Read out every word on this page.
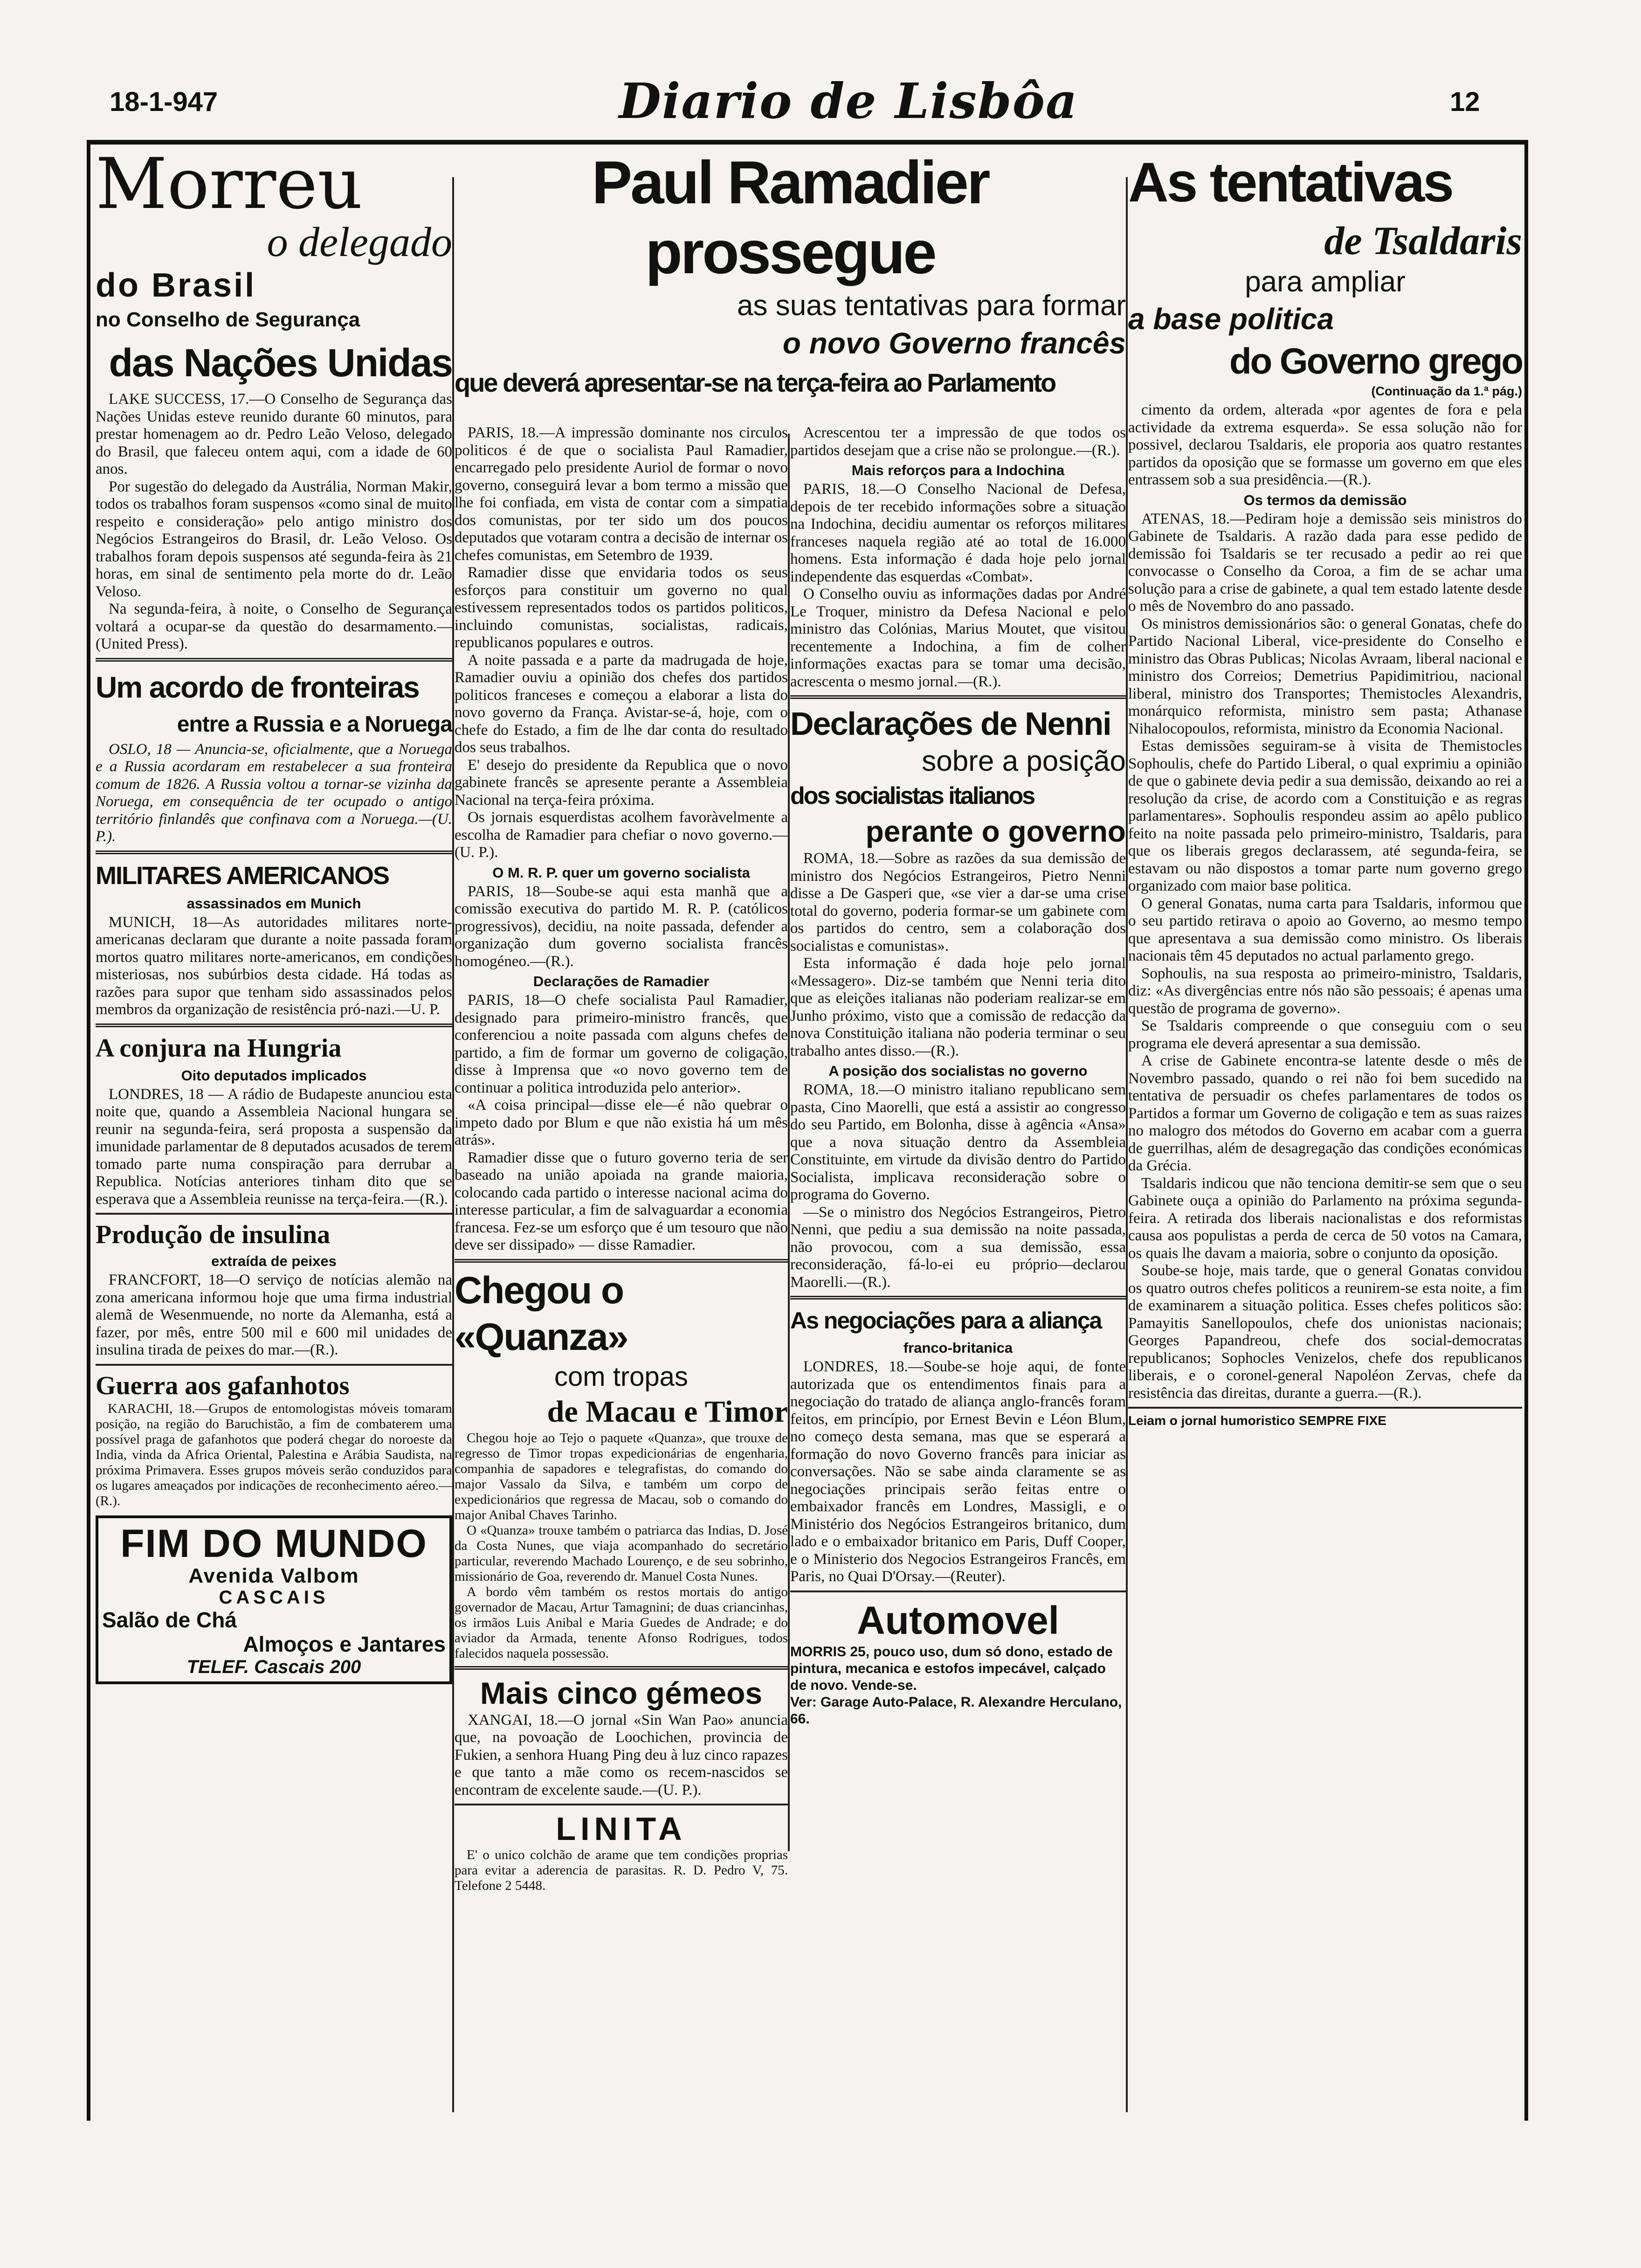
18-1-947	Diario de Lisbôa	12
Morreu
o delegado
do Brasil
no Conselho de Segurança
das Nações Unidas

LAKE SUCCESS, 17.—O Conselho de Segurança das Nações Unidas esteve reunido durante 60 minutos, para prestar homenagem ao dr. Pedro Leão Veloso, delegado do Brasil, que faleceu ontem aqui, com a idade de 60 anos.

Por sugestão do delegado da Austrália, Norman Makir, todos os trabalhos foram suspensos «como sinal de muito respeito e consideração» pelo antigo ministro dos Negócios Estrangeiros do Brasil, dr. Leão Veloso. Os trabalhos foram depois suspensos até segunda-feira às 21 horas, em sinal de sentimento pela morte do dr. Leão Veloso.

Na segunda-feira, à noite, o Conselho de Segurança voltará a ocupar-se da questão do desarmamento.—(United Press).

Um acordo de fronteiras
entre a Russia e a Noruega

OSLO, 18 — Anuncia-se, oficialmente, que a Noruega e a Russia acordaram em restabelecer a sua fronteira comum de 1826. A Russia voltou a tornar-se vizinha da Noruega, em consequência de ter ocupado o antigo território finlandês que confinava com a Noruega.—(U. P.).

MILITARES AMERICANOS
assassinados em Munich

MUNICH, 18—As autoridades militares norte-americanas declaram que durante a noite passada foram mortos quatro militares norte-americanos, em condições misteriosas, nos subúrbios desta cidade. Há todas as razões para supor que tenham sido assassinados pelos membros da organização de resistência pró-nazi.—U. P.

A conjura na Hungria
Oito deputados implicados

LONDRES, 18 — A rádio de Budapeste anunciou esta noite que, quando a Assembleia Nacional hungara se reunir na segunda-feira, será proposta a suspensão da imunidade parlamentar de 8 deputados acusados de terem tomado parte numa conspiração para derrubar a Republica. Notícias anteriores tinham dito que se esperava que a Assembleia reunisse na terça-feira.—(R.).

Produção de insulina
extraída de peixes

FRANCFORT, 18—O serviço de notícias alemão na zona americana informou hoje que uma firma industrial alemã de Wesenmuende, no norte da Alemanha, está a fazer, por mês, entre 500 mil e 600 mil unidades de insulina tirada de peixes do mar.—(R.).

Guerra aos gafanhotos

KARACHI, 18.—Grupos de entomologistas móveis tomaram posição, na região do Baruchistão, a fim de combaterem uma possível praga de gafanhotos que poderá chegar do noroeste da India, vinda da Africa Oriental, Palestina e Arábia Saudista, na próxima Primavera. Esses grupos móveis serão conduzidos para os lugares ameaçados por indicações de reconhecimento aéreo.—(R.).

FIM DO MUNDO
Avenida Valbom
CASCAIS
Salão de Chá
Almoços e Jantares
TELEF. Cascais 200
Paul Ramadier prossegue
as suas tentativas para formar
o novo Governo francês
que deverá apresentar-se na terça-feira ao Parlamento

PARIS, 18.—A impressão dominante nos circulos politicos é de que o socialista Paul Ramadier, encarregado pelo presidente Auriol de formar o novo governo, conseguirá levar a bom termo a missão que lhe foi confiada, em vista de contar com a simpatia dos comunistas, por ter sido um dos poucos deputados que votaram contra a decisão de internar os chefes comunistas, em Setembro de 1939.

Ramadier disse que envidaria todos os seus esforços para constituir um governo no qual estivessem representados todos os partidos politicos, incluindo comunistas, socialistas, radicais, republicanos populares e outros.

A noite passada e a parte da madrugada de hoje, Ramadier ouviu a opinião dos chefes dos partidos politicos franceses e começou a elaborar a lista do novo governo da França. Avistar-se-á, hoje, com o chefe do Estado, a fim de lhe dar conta do resultado dos seus trabalhos.

E' desejo do presidente da Republica que o novo gabinete francês se apresente perante a Assembleia Nacional na terça-feira próxima.

Os jornais esquerdistas acolhem favoràvelmente a escolha de Ramadier para chefiar o novo governo.—(U. P.).

O M. R. P. quer um governo socialista

PARIS, 18—Soube-se aqui esta manhã que a comissão executiva do partido M. R. P. (católicos progressivos), decidiu, na noite passada, defender a organização dum governo socialista francês homogéneo.—(R.).

Declarações de Ramadier

PARIS, 18—O chefe socialista Paul Ramadier, designado para primeiro-ministro francês, que conferenciou a noite passada com alguns chefes de partido, a fim de formar um governo de coligação, disse à Imprensa que «o novo governo tem de continuar a politica introduzida pelo anterior».

«A coisa principal—disse ele—é não quebrar o impeto dado por Blum e que não existia há um mês atrás».

Ramadier disse que o futuro governo teria de ser baseado na união apoiada na grande maioria, colocando cada partido o interesse nacional acima do interesse particular, a fim de salvaguardar a economia francesa. Fez-se um esforço que é um tesouro que não deve ser dissipado» — disse Ramadier.

Chegou o «Quanza»
com tropas
de Macau e Timor

Chegou hoje ao Tejo o paquete «Quanza», que trouxe de regresso de Timor tropas expedicionárias de engenharia, companhia de sapadores e telegrafistas, do comando do major Vassalo da Silva, e também um corpo de expedicionários que regressa de Macau, sob o comando do major Anibal Chaves Tarinho.

O «Quanza» trouxe também o patriarca das Indias, D. José da Costa Nunes, que viaja acompanhado do secretário particular, reverendo Machado Lourenço, e de seu sobrinho, missionário de Goa, reverendo dr. Manuel Costa Nunes.

A bordo vêm também os restos mortais do antigo governador de Macau, Artur Tamagnini; de duas criancinhas, os irmãos Luis Anibal e Maria Guedes de Andrade; e do aviador da Armada, tenente Afonso Rodrigues, todos falecidos naquela possessão.

Mais cinco gémeos

XANGAI, 18.—O jornal «Sin Wan Pao» anuncia que, na povoação de Loochichen, provincia de Fukien, a senhora Huang Ping deu à luz cinco rapazes e que tanto a mãe como os recem-nascidos se encontram de excelente saude.—(U. P.).

LINITA

E' o unico colchão de arame que tem condições proprias para evitar a aderencia de parasitas. R. D. Pedro V, 75. Telefone 2 5448.

Acrescentou ter a impressão de que todos os partidos desejam que a crise não se prolongue.—(R.).

Mais reforços para a Indochina

PARIS, 18.—O Conselho Nacional de Defesa, depois de ter recebido informações sobre a situação na Indochina, decidiu aumentar os reforços militares franceses naquela região até ao total de 16.000 homens. Esta informação é dada hoje pelo jornal independente das esquerdas «Combat».

O Conselho ouviu as informações dadas por André Le Troquer, ministro da Defesa Nacional e pelo ministro das Colónias, Marius Moutet, que visitou recentemente a Indochina, a fim de colher informações exactas para se tomar uma decisão, acrescenta o mesmo jornal.—(R.).

Declarações de Nenni
sobre a posição
dos socialistas italianos
perante o governo

ROMA, 18.—Sobre as razões da sua demissão de ministro dos Negócios Estrangeiros, Pietro Nenni disse a De Gasperi que, «se vier a dar-se uma crise total do governo, poderia formar-se um gabinete com os partidos do centro, sem a colaboração dos socialistas e comunistas».

Esta informação é dada hoje pelo jornal «Messagero». Diz-se também que Nenni teria dito que as eleições italianas não poderiam realizar-se em Junho próximo, visto que a comissão de redacção da nova Constituição italiana não poderia terminar o seu trabalho antes disso.—(R.).

A posição dos socialistas no governo

ROMA, 18.—O ministro italiano republicano sem pasta, Cino Maorelli, que está a assistir ao congresso do seu Partido, em Bolonha, disse à agência «Ansa» que a nova situação dentro da Assembleia Constituinte, em virtude da divisão dentro do Partido Socialista, implicava reconsideração sobre o programa do Governo.

—Se o ministro dos Negócios Estrangeiros, Pietro Nenni, que pediu a sua demissão na noite passada, não provocou, com a sua demissão, essa reconsideração, fá-lo-ei eu próprio—declarou Maorelli.—(R.).

As negociações para a aliança
franco-britanica

LONDRES, 18.—Soube-se hoje aqui, de fonte autorizada que os entendimentos finais para a negociação do tratado de aliança anglo-francês foram feitos, em princípio, por Ernest Bevin e Léon Blum, no começo desta semana, mas que se esperará a formação do novo Governo francês para iniciar as conversações. Não se sabe ainda claramente se as negociações principais serão feitas entre o embaixador francês em Londres, Massigli, e o Ministério dos Negócios Estrangeiros britanico, dum lado e o embaixador britanico em Paris, Duff Cooper, e o Ministerio dos Negocios Estrangeiros Francês, em Paris, no Quai D'Orsay.—(Reuter).

Automovel
MORRIS 25, pouco uso, dum só dono, estado de pintura, mecanica e estofos impecável, calçado de novo. Vende-se.
Ver: Garage Auto-Palace, R. Alexandre Herculano, 66.
As tentativas
de Tsaldaris
para ampliar
a base politica
do Governo grego
(Continuação da 1.ª pág.)

cimento da ordem, alterada «por agentes de fora e pela actividade da extrema esquerda». Se essa solução não for possivel, declarou Tsaldaris, ele proporia aos quatro restantes partidos da oposição que se formasse um governo em que eles entrassem sob a sua presidência.—(R.).

Os termos da demissão

ATENAS, 18.—Pediram hoje a demissão seis ministros do Gabinete de Tsaldaris. A razão dada para esse pedido de demissão foi Tsaldaris se ter recusado a pedir ao rei que convocasse o Conselho da Coroa, a fim de se achar uma solução para a crise de gabinete, a qual tem estado latente desde o mês de Novembro do ano passado.

Os ministros demissionários são: o general Gonatas, chefe do Partido Nacional Liberal, vice-presidente do Conselho e ministro das Obras Publicas; Nicolas Avraam, liberal nacional e ministro dos Correios; Demetrius Papidimitriou, nacional liberal, ministro dos Transportes; Themistocles Alexandris, monárquico reformista, ministro sem pasta; Athanase Nihalocopoulos, reformista, ministro da Economia Nacional.

Estas demissões seguiram-se à visita de Themistocles Sophoulis, chefe do Partido Liberal, o qual exprimiu a opinião de que o gabinete devia pedir a sua demissão, deixando ao rei a resolução da crise, de acordo com a Constituição e as regras parlamentares». Sophoulis respondeu assim ao apêlo publico feito na noite passada pelo primeiro-ministro, Tsaldaris, para que os liberais gregos declarassem, até segunda-feira, se estavam ou não dispostos a tomar parte num governo grego organizado com maior base politica.

O general Gonatas, numa carta para Tsaldaris, informou que o seu partido retirava o apoio ao Governo, ao mesmo tempo que apresentava a sua demissão como ministro. Os liberais nacionais têm 45 deputados no actual parlamento grego.

Sophoulis, na sua resposta ao primeiro-ministro, Tsaldaris, diz: «As divergências entre nós não são pessoais; é apenas uma questão de programa de governo».

Se Tsaldaris compreende o que conseguiu com o seu programa ele deverá apresentar a sua demissão.

A crise de Gabinete encontra-se latente desde o mês de Novembro passado, quando o rei não foi bem sucedido na tentativa de persuadir os chefes parlamentares de todos os Partidos a formar um Governo de coligação e tem as suas raizes no malogro dos métodos do Governo em acabar com a guerra de guerrilhas, além de desagregação das condições económicas da Grécia.

Tsaldaris indicou que não tenciona demitir-se sem que o seu Gabinete ouça a opinião do Parlamento na próxima segunda-feira. A retirada dos liberais nacionalistas e dos reformistas causa aos populistas a perda de cerca de 50 votos na Camara, os quais lhe davam a maioria, sobre o conjunto da oposição.

Soube-se hoje, mais tarde, que o general Gonatas convidou os quatro outros chefes politicos a reunirem-se esta noite, a fim de examinarem a situação politica. Esses chefes politicos são: Pamayitis Sanellopoulos, chefe dos unionistas nacionais; Georges Papandreou, chefe dos social-democratas republicanos; Sophocles Venizelos, chefe dos republicanos liberais, e o coronel-general Napoléon Zervas, chefe da resistência das direitas, durante a guerra.—(R.).

Leiam o jornal humoristico SEMPRE FIXE
